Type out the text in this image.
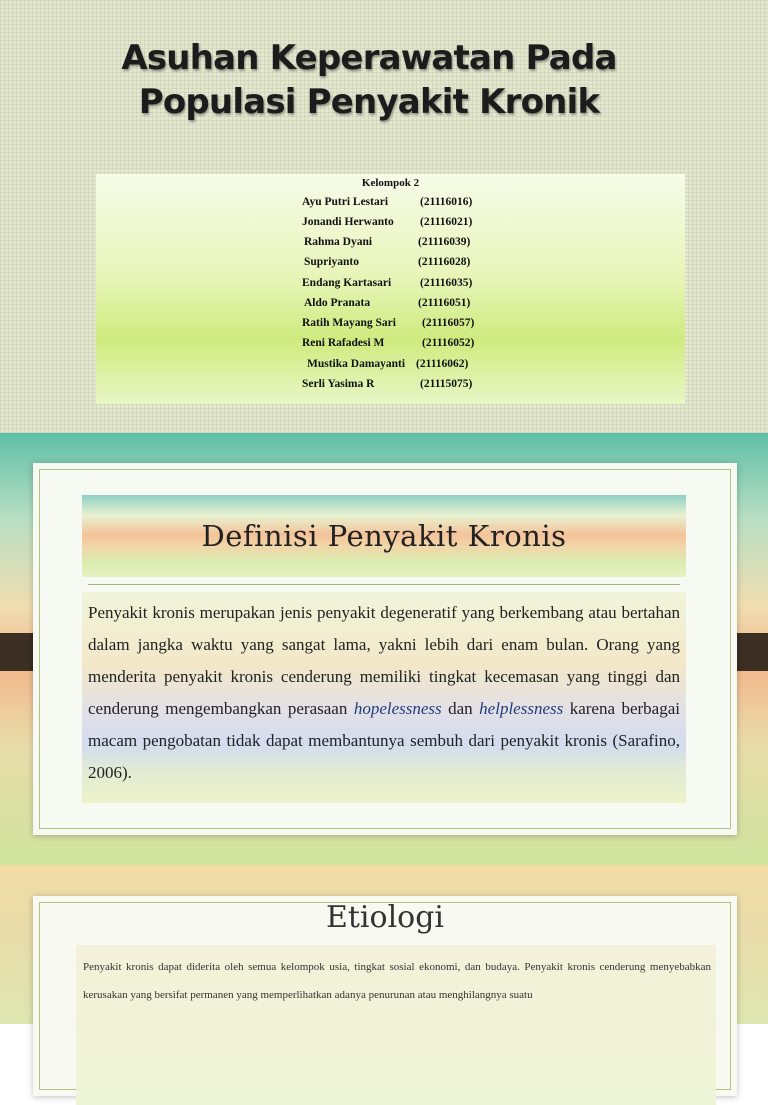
Asuhan Keperawatan Pada
Populasi Penyakit Kronik
Kelompok 2
Ayu Putri Lestari	(21116016)
Jonandi Herwanto (21116021)
Rahma Dyani	(21116039)
Supriyanto	(21116028)
Endang Kartasari	(21116035)
Aldo Pranata	(21116051)
Ratih Mayang Sari (21116057)
Reni Rafadesi M	(21116052)
Mustika Damayanti (21116062)
Serli Yasima R	(21115075)
Definisi Penyakit Kronis

Penyakit kronis merupakan jenis penyakit degeneratif yang berkembang atau bertahan dalam jangka waktu yang sangat lama, yakni lebih dari enam bulan. Orang yang menderita penyakit kronis cenderung memiliki tingkat kecemasan yang tinggi dan cenderung mengembangkan perasaan hopelessness dan helplessness karena berbagai macam pengobatan tidak dapat membantunya sembuh dari penyakit kronis (Sarafino, 2006).

Etiologi

Penyakit kronis dapat diderita oleh semua kelompok usia, tingkat sosial ekonomi, dan budaya. Penyakit kronis cenderung menyebabkan kerusakan yang bersifat permanen yang memperlihatkan adanya penurunan atau menghilangnya suatu
